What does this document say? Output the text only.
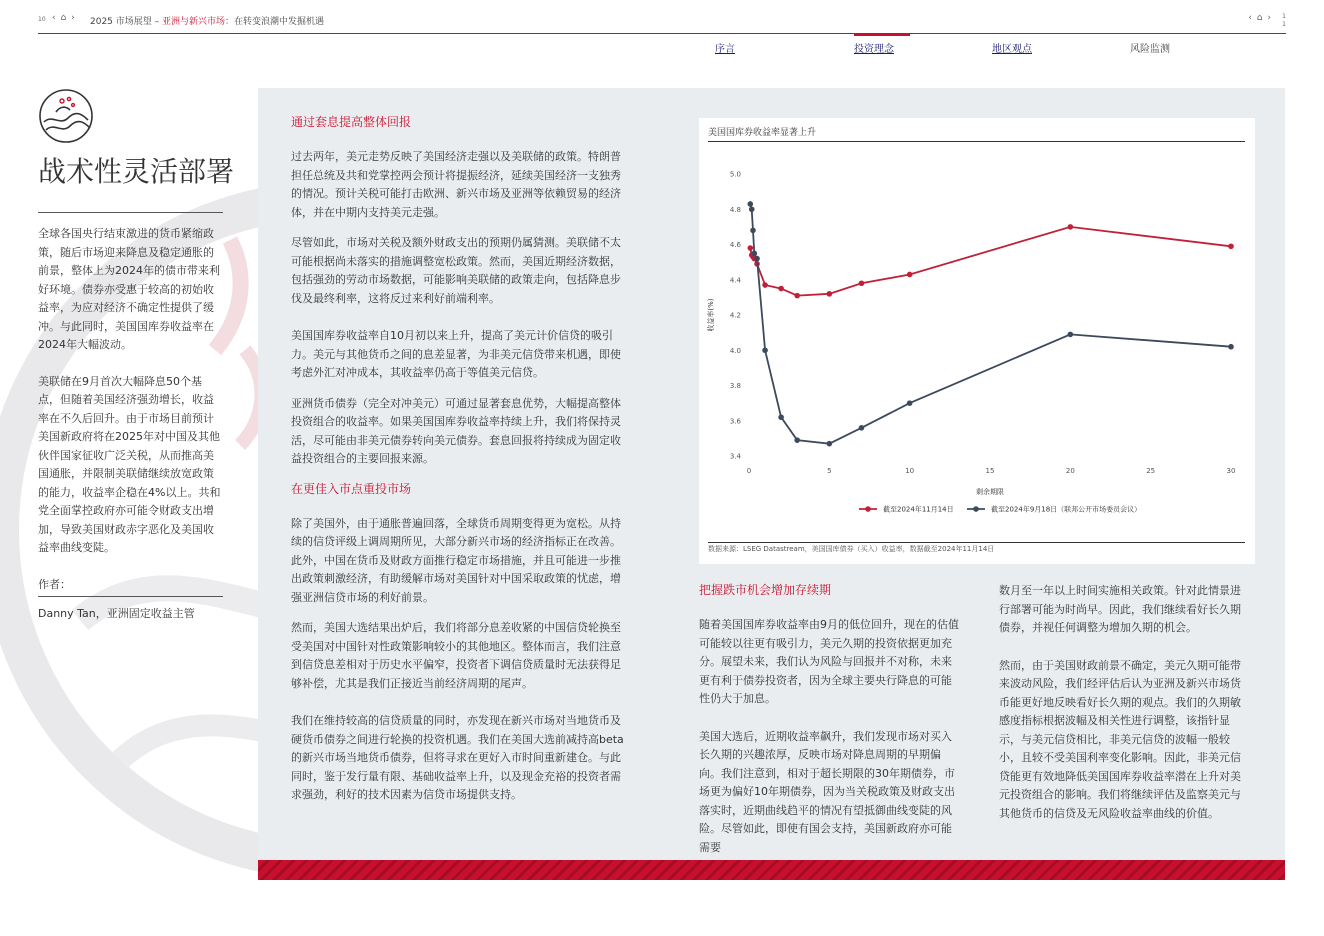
10 ‹ ⌂ › 2025 市场展望 – 亚洲与新兴市场：在转变浪潮中发掘机遇	‹ ⌂ › 1
1
序言	投资理念	地区观点	风险监测
战术性灵活部署

全球各国央行结束激进的货币紧缩政策，随后市场迎来降息及稳定通胀的前景，整体上为2024年的债市带来利好环境。债券亦受惠于较高的初始收益率，为应对经济不确定性提供了缓冲。与此同时，美国国库券收益率在2024年大幅波动。

美联储在9月首次大幅降息50个基点，但随着美国经济强劲增长，收益率在不久后回升。由于市场目前预计美国新政府将在2025年对中国及其他伙伴国家征收广泛关税，从而推高美国通胀，并限制美联储继续放宽政策的能力，收益率企稳在4%以上。共和党全面掌控政府亦可能令财政支出增加，导致美国财政赤字恶化及美国收益率曲线变陡。

作者：
Danny Tan，亚洲固定收益主管
通过套息提高整体回报

过去两年，美元走势反映了美国经济走强以及美联储的政策。特朗普担任总统及共和党掌控两会预计将提振经济，延续美国经济一支独秀的情况。预计关税可能打击欧洲、新兴市场及亚洲等依赖贸易的经济体，并在中期内支持美元走强。

尽管如此，市场对关税及额外财政支出的预期仍属猜测。美联储不太可能根据尚未落实的措施调整宽松政策。然而，美国近期经济数据，包括强劲的劳动市场数据，可能影响美联储的政策走向，包括降息步伐及最终利率，这将反过来利好前端利率。

美国国库券收益率自10月初以来上升，提高了美元计价信贷的吸引力。美元与其他货币之间的息差显著，为非美元信贷带来机遇，即使考虑外汇对冲成本，其收益率仍高于等值美元信贷。

亚洲货币债券（完全对冲美元）可通过显著套息优势，大幅提高整体投资组合的收益率。如果美国国库券收益率持续上升，我们将保持灵活，尽可能由非美元债券转向美元债券。套息回报将持续成为固定收益投资组合的主要回报来源。

在更佳入市点重投市场

除了美国外，由于通胀普遍回落，全球货币周期变得更为宽松。从持续的信贷评级上调周期所见，大部分新兴市场的经济指标正在改善。此外，中国在货币及财政方面推行稳定市场措施，并且可能进一步推出政策刺激经济，有助缓解市场对美国针对中国采取政策的忧虑，增强亚洲信贷市场的利好前景。

然而，美国大选结果出炉后，我们将部分息差收紧的中国信贷轮换至受美国对中国针对性政策影响较小的其他地区。整体而言，我们注意到信贷息差相对于历史水平偏窄，投资者下调信贷质量时无法获得足够补偿，尤其是我们正接近当前经济周期的尾声。

我们在维持较高的信贷质量的同时，亦发现在新兴市场对当地货币及硬货币债券之间进行轮换的投资机遇。我们在美国大选前减持高beta的新兴市场当地货币债券，但将寻求在更好入市时间重新建仓。与此同时，鉴于发行量有限、基础收益率上升，以及现金充裕的投资者需求强劲，利好的技术因素为信贷市场提供支持。

美国国库券收益率显著上升
3.4
3.6
3.8
4.0
4.2
4.4
4.6
4.8
5.0
0	5	10	15	20	25	30
剩余期限
收益率(%)
截至2024年11月14日	截至2024年9月18日（联邦公开市场委员会议）
数据来源：LSEG Datastream，美国国库债券（买入）收益率，数据截至2024年11月14日
把握跌市机会增加存续期

随着美国国库券收益率由9月的低位回升，现在的估值可能较以往更有吸引力，美元久期的投资依据更加充分。展望未来，我们认为风险与回报并不对称，未来更有利于债券投资者，因为全球主要央行降息的可能性仍大于加息。

美国大选后，近期收益率飙升，我们发现市场对买入长久期的兴趣浓厚，反映市场对降息周期的早期偏向。我们注意到，相对于超长期限的30年期债券，市场更为偏好10年期债券，因为当关税政策及财政支出落实时，近期曲线趋平的情况有望抵御曲线变陡的风险。尽管如此，即使有国会支持，美国新政府亦可能需要

数月至一年以上时间实施相关政策。针对此情景进行部署可能为时尚早。因此，我们继续看好长久期债券，并视任何调整为增加久期的机会。

然而，由于美国财政前景不确定，美元久期可能带来波动风险，我们经评估后认为亚洲及新兴市场货币能更好地反映看好长久期的观点。我们的久期敏感度指标根据波幅及相关性进行调整，该指针显示，与美元信贷相比，非美元信贷的波幅一般较小，且较不受美国利率变化影响。因此，非美元信贷能更有效地降低美国国库券收益率潜在上升对美元投资组合的影响。我们将继续评估及监察美元与其他货币的信贷及无风险收益率曲线的价值。
